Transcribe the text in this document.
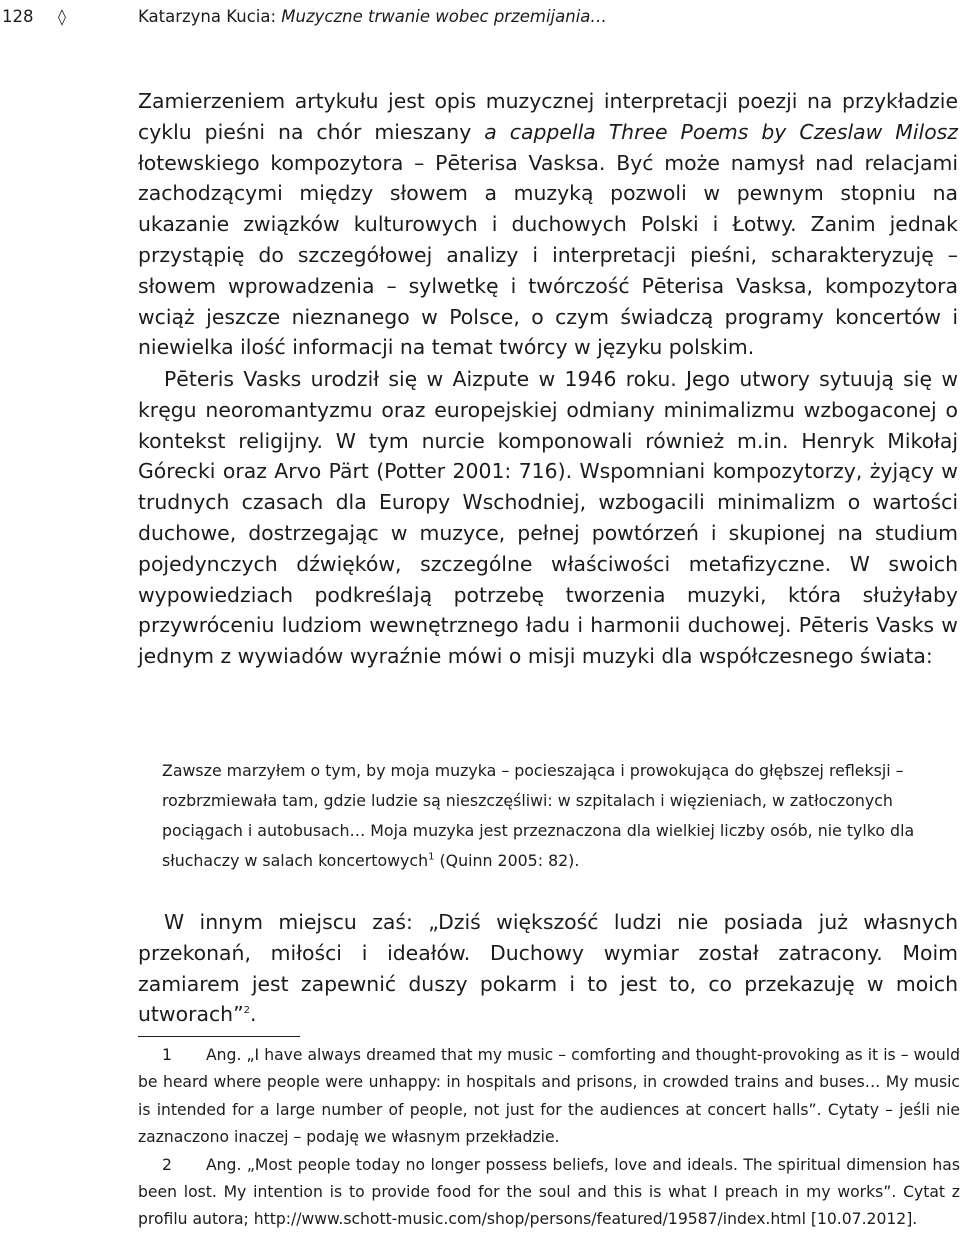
128 ◊	Katarzyna Kucia: Muzyczne trwanie wobec przemijania…

Zamierzeniem artykułu jest opis muzycznej interpretacji poezji na przykładzie cyklu pieśni na chór mieszany a cappella Three Poems by Czeslaw Milosz łotewskiego kompozytora – Pēterisa Vasksa. Być może namysł nad relacjami zachodzącymi między słowem a muzyką pozwoli w pewnym stopniu na ukazanie związków kulturowych i duchowych Polski i Łotwy. Zanim jednak przystąpię do szczegółowej analizy i interpretacji pieśni, scharakteryzuję – słowem wprowadzenia – sylwetkę i twórczość Pēterisa Vasksa, kompozytora wciąż jeszcze nieznanego w Polsce, o czym świadczą programy koncertów i niewielka ilość informacji na temat twórcy w języku polskim.

Pēteris Vasks urodził się w Aizpute w 1946 roku. Jego utwory sytuują się w kręgu neoromantyzmu oraz europejskiej odmiany minimalizmu wzbogaconej o kontekst religijny. W tym nurcie komponowali również m.in. Henryk Mikołaj Górecki oraz Arvo Pärt (Potter 2001: 716). Wspomniani kompozytorzy, żyjący w trudnych czasach dla Europy Wschodniej, wzbogacili minimalizm o wartości duchowe, dostrzegając w muzyce, pełnej powtórzeń i skupionej na studium pojedynczych dźwięków, szczególne właściwości metafizyczne. W swoich wypowiedziach podkreślają potrzebę tworzenia muzyki, która służyłaby przywróceniu ludziom wewnętrznego ładu i harmonii duchowej. Pēteris Vasks w jednym z wywiadów wyraźnie mówi o misji muzyki dla współczesnego świata:

Zawsze marzyłem o tym, by moja muzyka – pocieszająca i prowokująca do głębszej refleksji – rozbrzmiewała tam, gdzie ludzie są nieszczęśliwi: w szpitalach i więzieniach, w zatłoczonych pociągach i autobusach… Moja muzyka jest przeznaczona dla wielkiej liczby osób, nie tylko dla słuchaczy w salach koncertowych$^1$ (Quinn 2005: 82).

W innym miejscu zaś: „Dziś większość ludzi nie posiada już własnych przekonań, miłości i ideałów. Duchowy wymiar został zatracony. Moim zamiarem jest zapewnić duszy pokarm i to jest to, co przekazuję w moich utworach”$^2$.

1 Ang. „I have always dreamed that my music – comforting and thought-provoking as it is – would be heard where people were unhappy: in hospitals and prisons, in crowded trains and buses… My music is intended for a large number of people, not just for the audiences at concert halls”. Cytaty – jeśli nie zaznaczono inaczej – podaję we własnym przekładzie.

2 Ang. „Most people today no longer possess beliefs, love and ideals. The spiritual dimension has been lost. My intention is to provide food for the soul and this is what I preach in my works”. Cytat z profilu autora; http://www.schott-music.com/shop/persons/featured/19587/index.html [10.07.2012].
